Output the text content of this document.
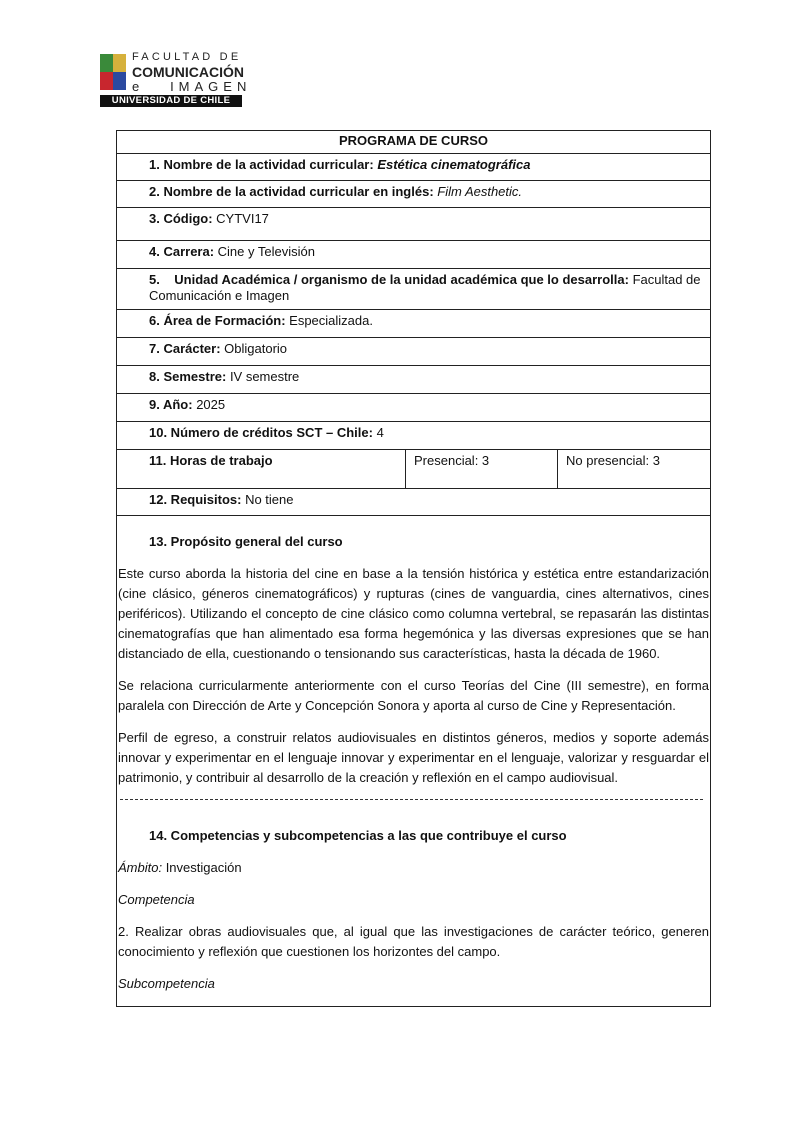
FACULTAD DE
COMUNICACIÓN
e   IMAGEN
UNIVERSIDAD DE CHILE
PROGRAMA DE CURSO
1. Nombre de la actividad curricular: Estética cinematográfica
2. Nombre de la actividad curricular en inglés: Film Aesthetic.
3. Código: CYTVI17
4. Carrera: Cine y Televisión
5.    Unidad Académica / organismo de la unidad académica que lo desarrolla: Facultad de Comunicación e Imagen
6. Área de Formación: Especializada.
7. Carácter: Obligatorio
8. Semestre: IV semestre
9. Año: 2025
10. Número de créditos SCT – Chile: 4
11. Horas de trabajo	Presencial: 3	No presencial: 3
12. Requisitos: No tiene

13. Propósito general del curso

Este curso aborda la historia del cine en base a la tensión histórica y estética entre estandarización (cine clásico, géneros cinematográficos) y rupturas (cines de vanguardia, cines alternativos, cines periféricos). Utilizando el concepto de cine clásico como columna vertebral, se repasarán las distintas cinematografías que han alimentado esa forma hegemónica y las diversas expresiones que se han distanciado de ella, cuestionando o tensionando sus características, hasta la década de 1960.

Se relaciona curricularmente anteriormente con el curso Teorías del Cine (III semestre), en forma paralela con Dirección de Arte y Concepción Sonora y aporta al curso de Cine y Representación.

Perfil de egreso, a construir relatos audiovisuales en distintos géneros, medios y soporte además innovar y experimentar en el lenguaje innovar y experimentar en el lenguaje, valorizar y resguardar el patrimonio, y contribuir al desarrollo de la creación y reflexión en el campo audiovisual.

14. Competencias y subcompetencias a las que contribuye el curso

Ámbito: Investigación

Competencia

2. Realizar obras audiovisuales que, al igual que las investigaciones de carácter teórico, generen conocimiento y reflexión que cuestionen los horizontes del campo.

Subcompetencia
